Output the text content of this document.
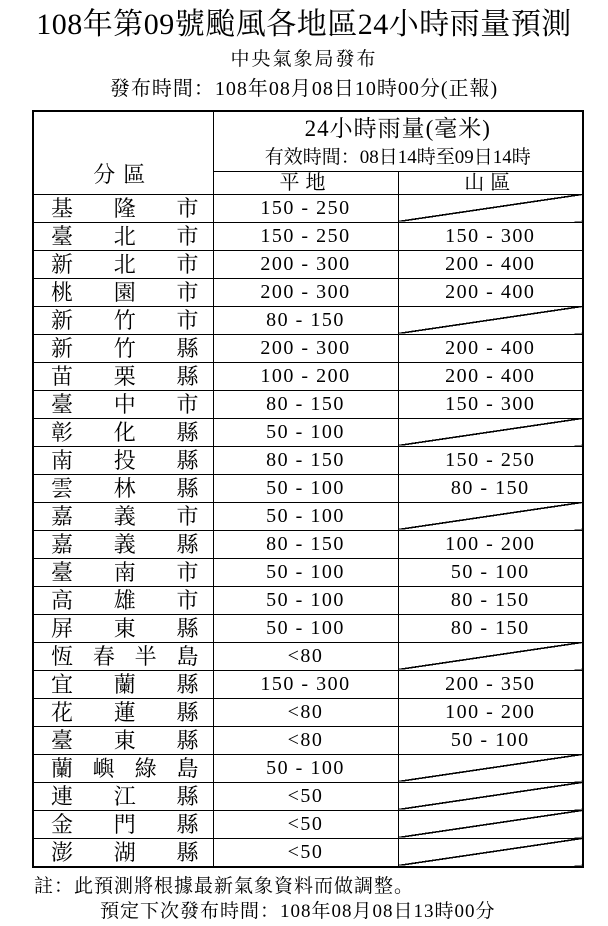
108年第09號颱風各地區24小時雨量預測
中央氣象局發布
發布時間：108年08月08日10時00分(正報)
分區	24小時雨量(毫米)
有效時間：08日14時至09日14時	

	平地	山區

基隆市	150 - 250	

臺北市	150 - 250	150 - 300

新北市	200 - 300	200 - 400

桃園市	200 - 300	200 - 400

新竹市	80 - 150	

新竹縣	200 - 300	200 - 400

苗栗縣	100 - 200	200 - 400

臺中市	80 - 150	150 - 300

彰化縣	50 - 100	

南投縣	80 - 150	150 - 250

雲林縣	50 - 100	80 - 150

嘉義市	50 - 100	

嘉義縣	80 - 150	100 - 200

臺南市	50 - 100	50 - 100

高雄市	50 - 100	80 - 150

屏東縣	50 - 100	80 - 150

恆春半島	<80	

宜蘭縣	150 - 300	200 - 350

花蓮縣	<80	100 - 200

臺東縣	<80	50 - 100

蘭嶼綠島	50 - 100	

連江縣	<50	

金門縣	<50	

澎湖縣	<50	
註：此預測將根據最新氣象資料而做調整。
預定下次發布時間：108年08月08日13時00分
